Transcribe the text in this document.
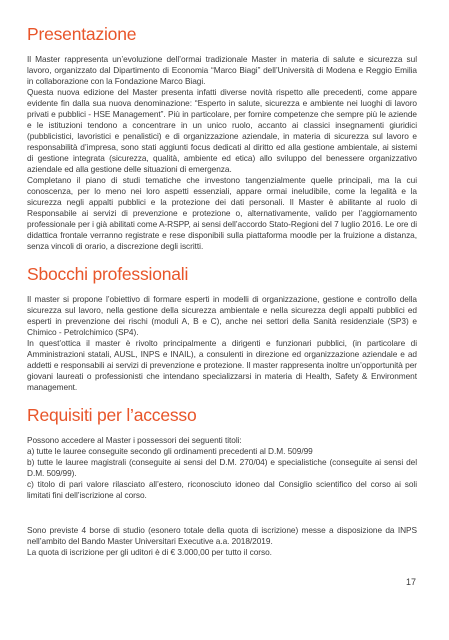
Presentazione

Il Master rappresenta un’evoluzione dell’ormai tradizionale Master in materia di salute e sicurezza sul lavoro, organizzato dal Dipartimento di Economia “Marco Biagi” dell’Università di Modena e Reggio Emilia in collaborazione con la Fondazione Marco Biagi.

Questa nuova edizione del Master presenta infatti diverse novità rispetto alle precedenti, come appare evidente fin dalla sua nuova denominazione: “Esperto in salute, sicurezza e ambiente nei luoghi di lavoro privati e pubblici - HSE Management”. Più in particolare, per fornire competenze che sempre più le aziende e le istituzioni tendono a concentrare in un unico ruolo, accanto ai classici insegnamenti giuridici (pubblicistici, lavoristici e penalistici) e di organizzazione aziendale, in materia di sicurezza sul lavoro e responsabilità d’impresa, sono stati aggiunti focus dedicati al diritto ed alla gestione ambientale, ai sistemi di gestione integrata (sicurezza, qualità, ambiente ed etica) allo sviluppo del benessere organizzativo aziendale ed alla gestione delle situazioni di emergenza.

Completano il piano di studi tematiche che investono tangenzialmente quelle principali, ma la cui conoscenza, per lo meno nei loro aspetti essenziali, appare ormai ineludibile, come la legalità e la sicurezza negli appalti pubblici e la protezione dei dati personali. Il Master è abilitante al ruolo di Responsabile ai servizi di prevenzione e protezione o, alternativamente, valido per l’aggiornamento professionale per i già abilitati come A-RSPP, ai sensi dell’accordo Stato-Regioni del 7 luglio 2016. Le ore di didattica frontale verranno registrate e rese disponibili sulla piattaforma moodle per la fruizione a distanza, senza vincoli di orario, a discrezione degli iscritti.

Sbocchi professionali

Il master si propone l’obiettivo di formare esperti in modelli di organizzazione, gestione e controllo della sicurezza sul lavoro, nella gestione della sicurezza ambientale e nella sicurezza degli appalti pubblici ed esperti in prevenzione dei rischi (moduli A, B e C), anche nei settori della Sanità residenziale (SP3) e Chimico - Petrolchimico (SP4).

In quest’ottica il master è rivolto principalmente a dirigenti e funzionari pubblici, (in particolare di Amministrazioni statali, AUSL, INPS e INAIL), a consulenti in direzione ed organizzazione aziendale e ad addetti e responsabili ai servizi di prevenzione e protezione. Il master rappresenta inoltre un’opportunità per giovani laureati o professionisti che intendano specializzarsi in materia di Health, Safety & Environment management.

Requisiti per l’accesso

Possono accedere al Master i possessori dei seguenti titoli:

a) tutte le lauree conseguite secondo gli ordinamenti precedenti al D.M. 509/99

b) tutte le lauree magistrali (conseguite ai sensi del D.M. 270/04) e specialistiche (conseguite ai sensi del D.M. 509/99).

c) titolo di pari valore rilasciato all’estero, riconosciuto idoneo dal Consiglio scientifico del corso ai soli limitati fini dell’iscrizione al corso.

Sono previste 4 borse di studio (esonero totale della quota di iscrizione) messe a disposizione da INPS nell’ambito del Bando Master Universitari Executive a.a. 2018/2019.

La quota di iscrizione per gli uditori è di € 3.000,00 per tutto il corso.

17
